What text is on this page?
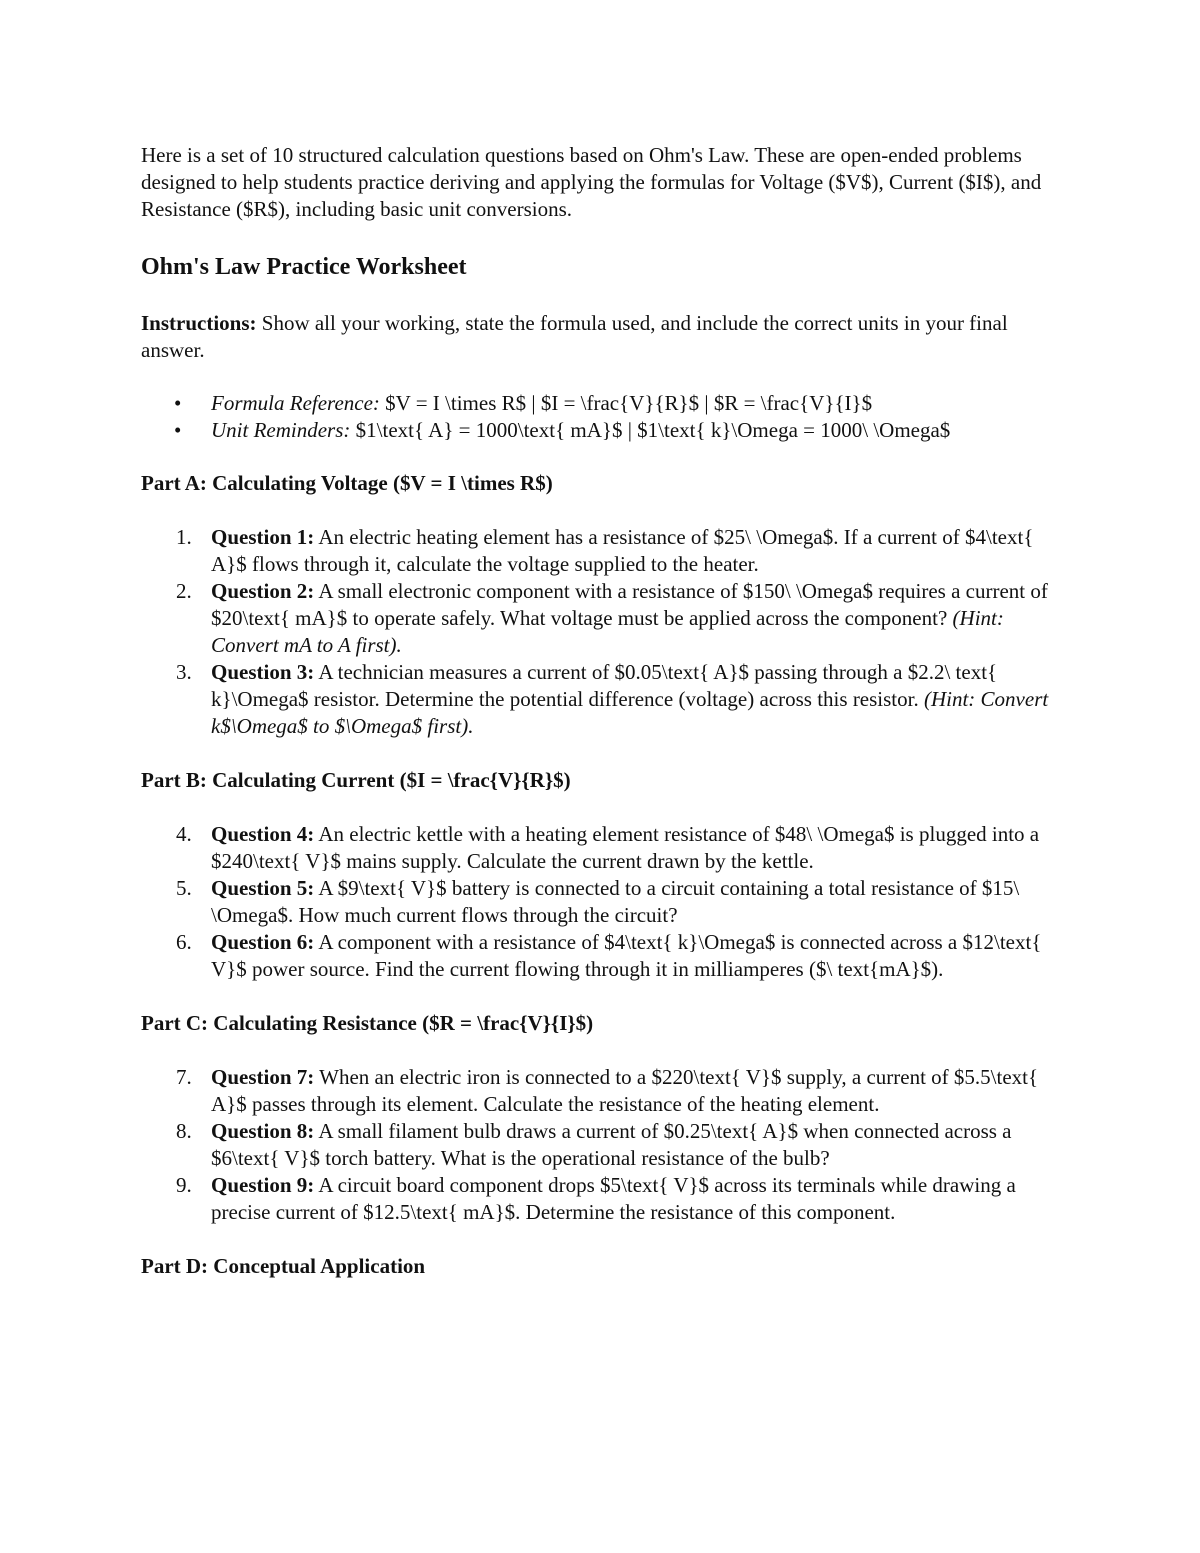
Here is a set of 10 structured calculation questions based on Ohm's Law. These are open-ended problems designed to help students practice deriving and applying the formulas for Voltage ($V$), Current ($I$), and Resistance ($R$), including basic unit conversions.

Ohm's Law Practice Worksheet

Instructions: Show all your working, state the formula used, and include the correct units in your final answer.

• Formula Reference: $V = I \times R$ | $I = \frac{V}{R}$ | $R = \frac{V}{I}$
• Unit Reminders: $1\text{ A} = 1000\text{ mA}$ | $1\text{ k}\Omega = 1000\ \Omega$

Part A: Calculating Voltage ($V = I \times R$)

1. Question 1: An electric heating element has a resistance of $25\ \Omega$. If a current of $4\text{ A}$ flows through it, calculate the voltage supplied to the heater.
2. Question 2: A small electronic component with a resistance of $150\ \Omega$ requires a current of $20\text{ mA}$ to operate safely. What voltage must be applied across the component? (Hint: Convert mA to A first).
3. Question 3: A technician measures a current of $0.05\text{ A}$ passing through a $2.2\ text{ k}\Omega$ resistor. Determine the potential difference (voltage) across this resistor. (Hint: Convert k$\Omega$ to $\Omega$ first).

Part B: Calculating Current ($I = \frac{V}{R}$)

4. Question 4: An electric kettle with a heating element resistance of $48\ \Omega$ is plugged into a $240\text{ V}$ mains supply. Calculate the current drawn by the kettle.
5. Question 5: A $9\text{ V}$ battery is connected to a circuit containing a total resistance of $15\ \Omega$. How much current flows through the circuit?
6. Question 6: A component with a resistance of $4\text{ k}\Omega$ is connected across a $12\text{ V}$ power source. Find the current flowing through it in milliamperes ($\ text{mA}$).

Part C: Calculating Resistance ($R = \frac{V}{I}$)

7. Question 7: When an electric iron is connected to a $220\text{ V}$ supply, a current of $5.5\text{ A}$ passes through its element. Calculate the resistance of the heating element.
8. Question 8: A small filament bulb draws a current of $0.25\text{ A}$ when connected across a $6\text{ V}$ torch battery. What is the operational resistance of the bulb?
9. Question 9: A circuit board component drops $5\text{ V}$ across its terminals while drawing a precise current of $12.5\text{ mA}$. Determine the resistance of this component.

Part D: Conceptual Application
